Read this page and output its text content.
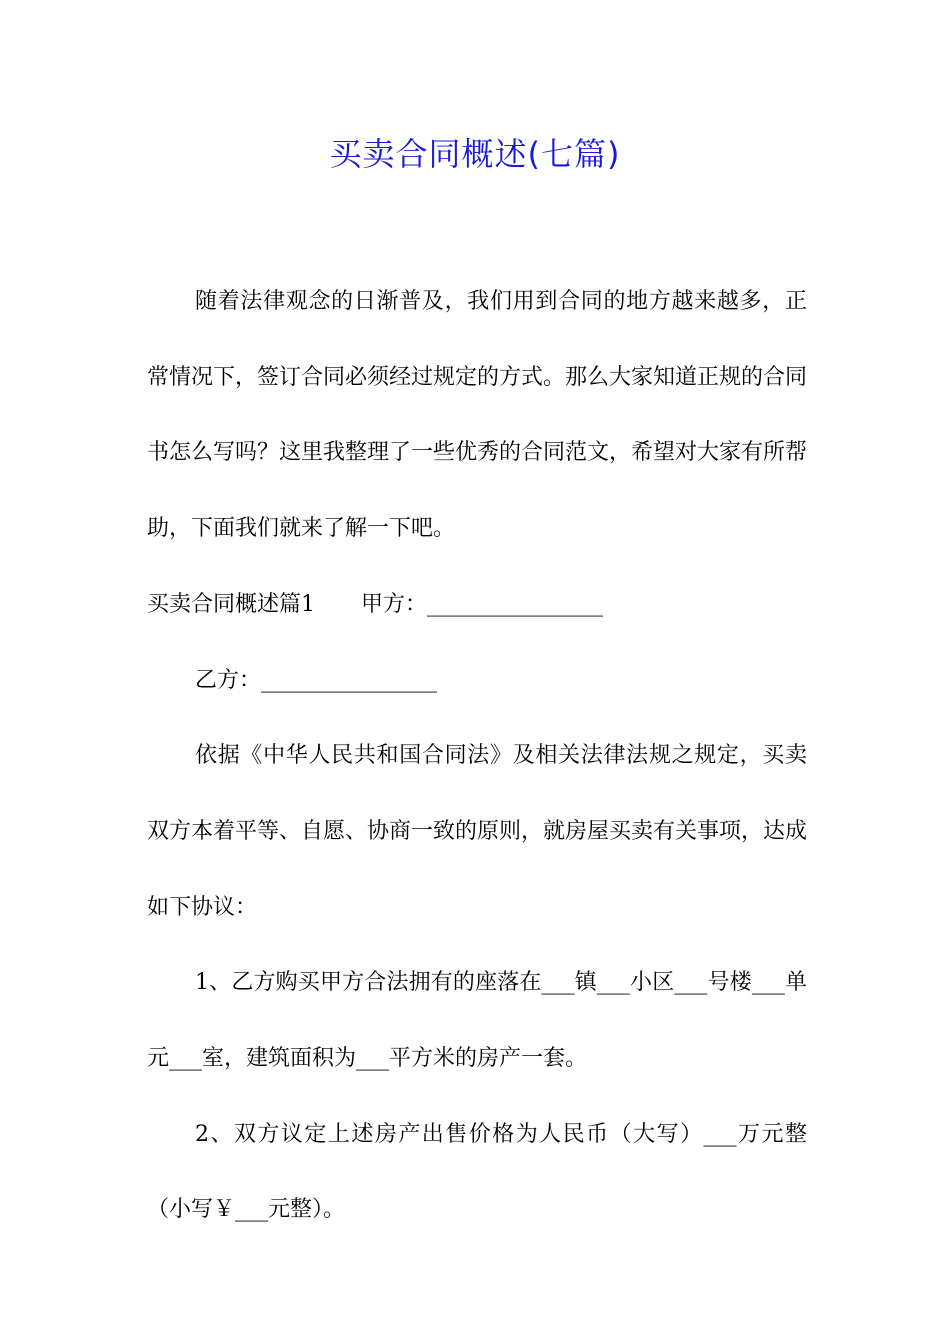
买卖合同概述(七篇)

随着法律观念的日渐普及，我们用到合同的地方越来越多，正常情况下，签订合同必须经过规定的方式。那么大家知道正规的合同书怎么写吗？这里我整理了一些优秀的合同范文，希望对大家有所帮助，下面我们就来了解一下吧。

买卖合同概述篇1 甲方：________________

乙方：________________

依据《中华人民共和国合同法》及相关法律法规之规定，买卖双方本着平等、自愿、协商一致的原则，就房屋买卖有关事项，达成如下协议：

1、乙方购买甲方合法拥有的座落在___镇___小区___号楼___单元___室，建筑面积为___平方米的房产一套。

2、双方议定上述房产出售价格为人民币（大写）___万元整（小写￥___元整）。
